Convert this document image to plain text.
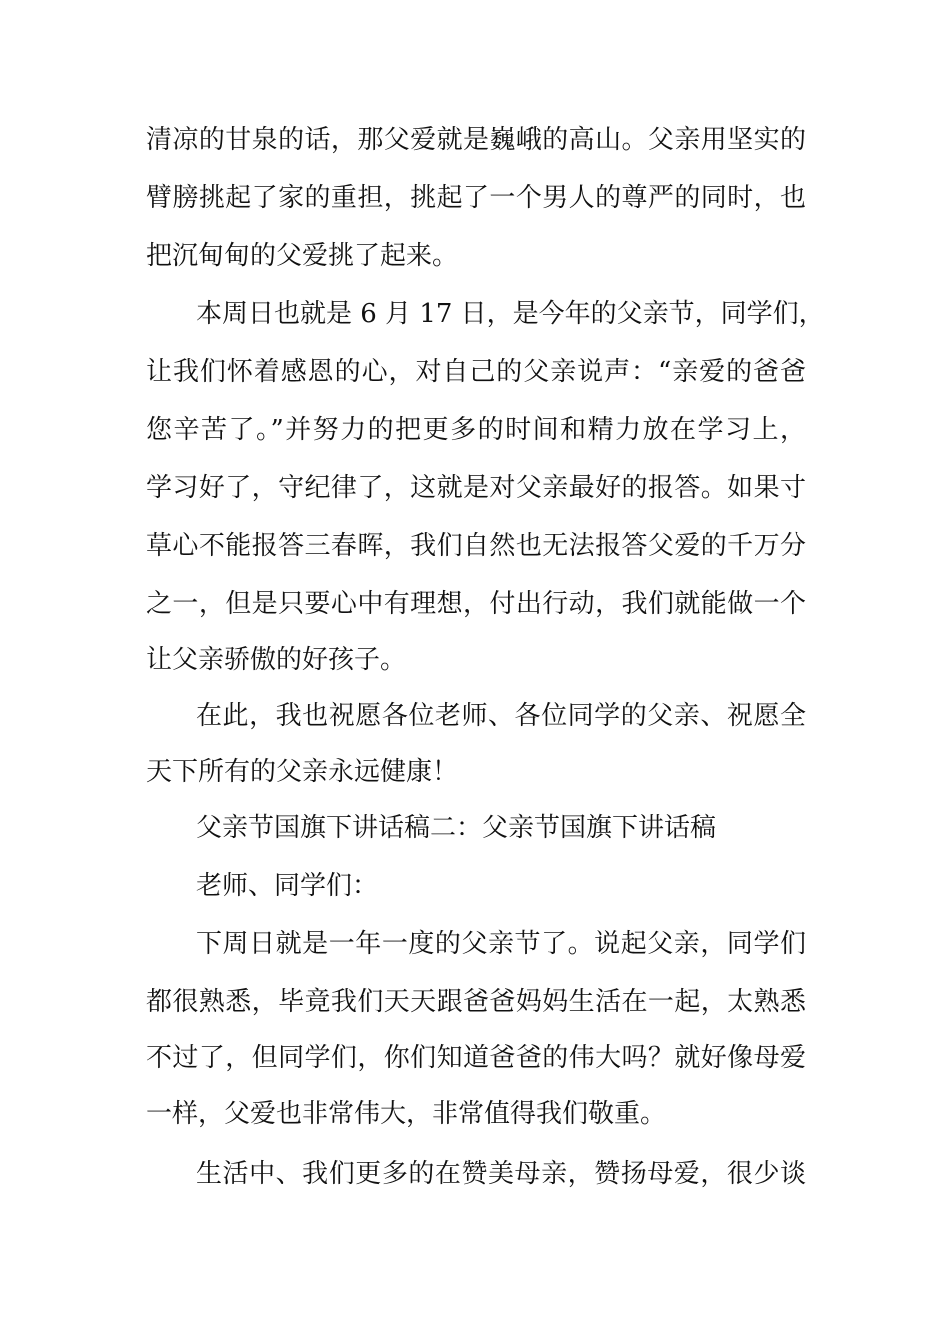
清凉的甘泉的话，那父爱就是巍峨的高山。父亲用坚实的
臂膀挑起了家的重担，挑起了一个男人的尊严的同时，也
把沉甸甸的父爱挑了起来。
本周日也就是 6 月 17 日，是今年的父亲节，同学们，
让我们怀着感恩的心，对自己的父亲说声：“亲爱的爸爸
您辛苦了。”并努力的把更多的时间和精力放在学习上，
学习好了，守纪律了，这就是对父亲最好的报答。如果寸
草心不能报答三春晖，我们自然也无法报答父爱的千万分
之一，但是只要心中有理想，付出行动，我们就能做一个
让父亲骄傲的好孩子。
在此，我也祝愿各位老师、各位同学的父亲、祝愿全
天下所有的父亲永远健康！
父亲节国旗下讲话稿二：父亲节国旗下讲话稿
老师、同学们：
下周日就是一年一度的父亲节了。说起父亲，同学们
都很熟悉，毕竟我们天天跟爸爸妈妈生活在一起，太熟悉
不过了，但同学们，你们知道爸爸的伟大吗？就好像母爱
一样，父爱也非常伟大，非常值得我们敬重。
生活中、我们更多的在赞美母亲，赞扬母爱，很少谈
